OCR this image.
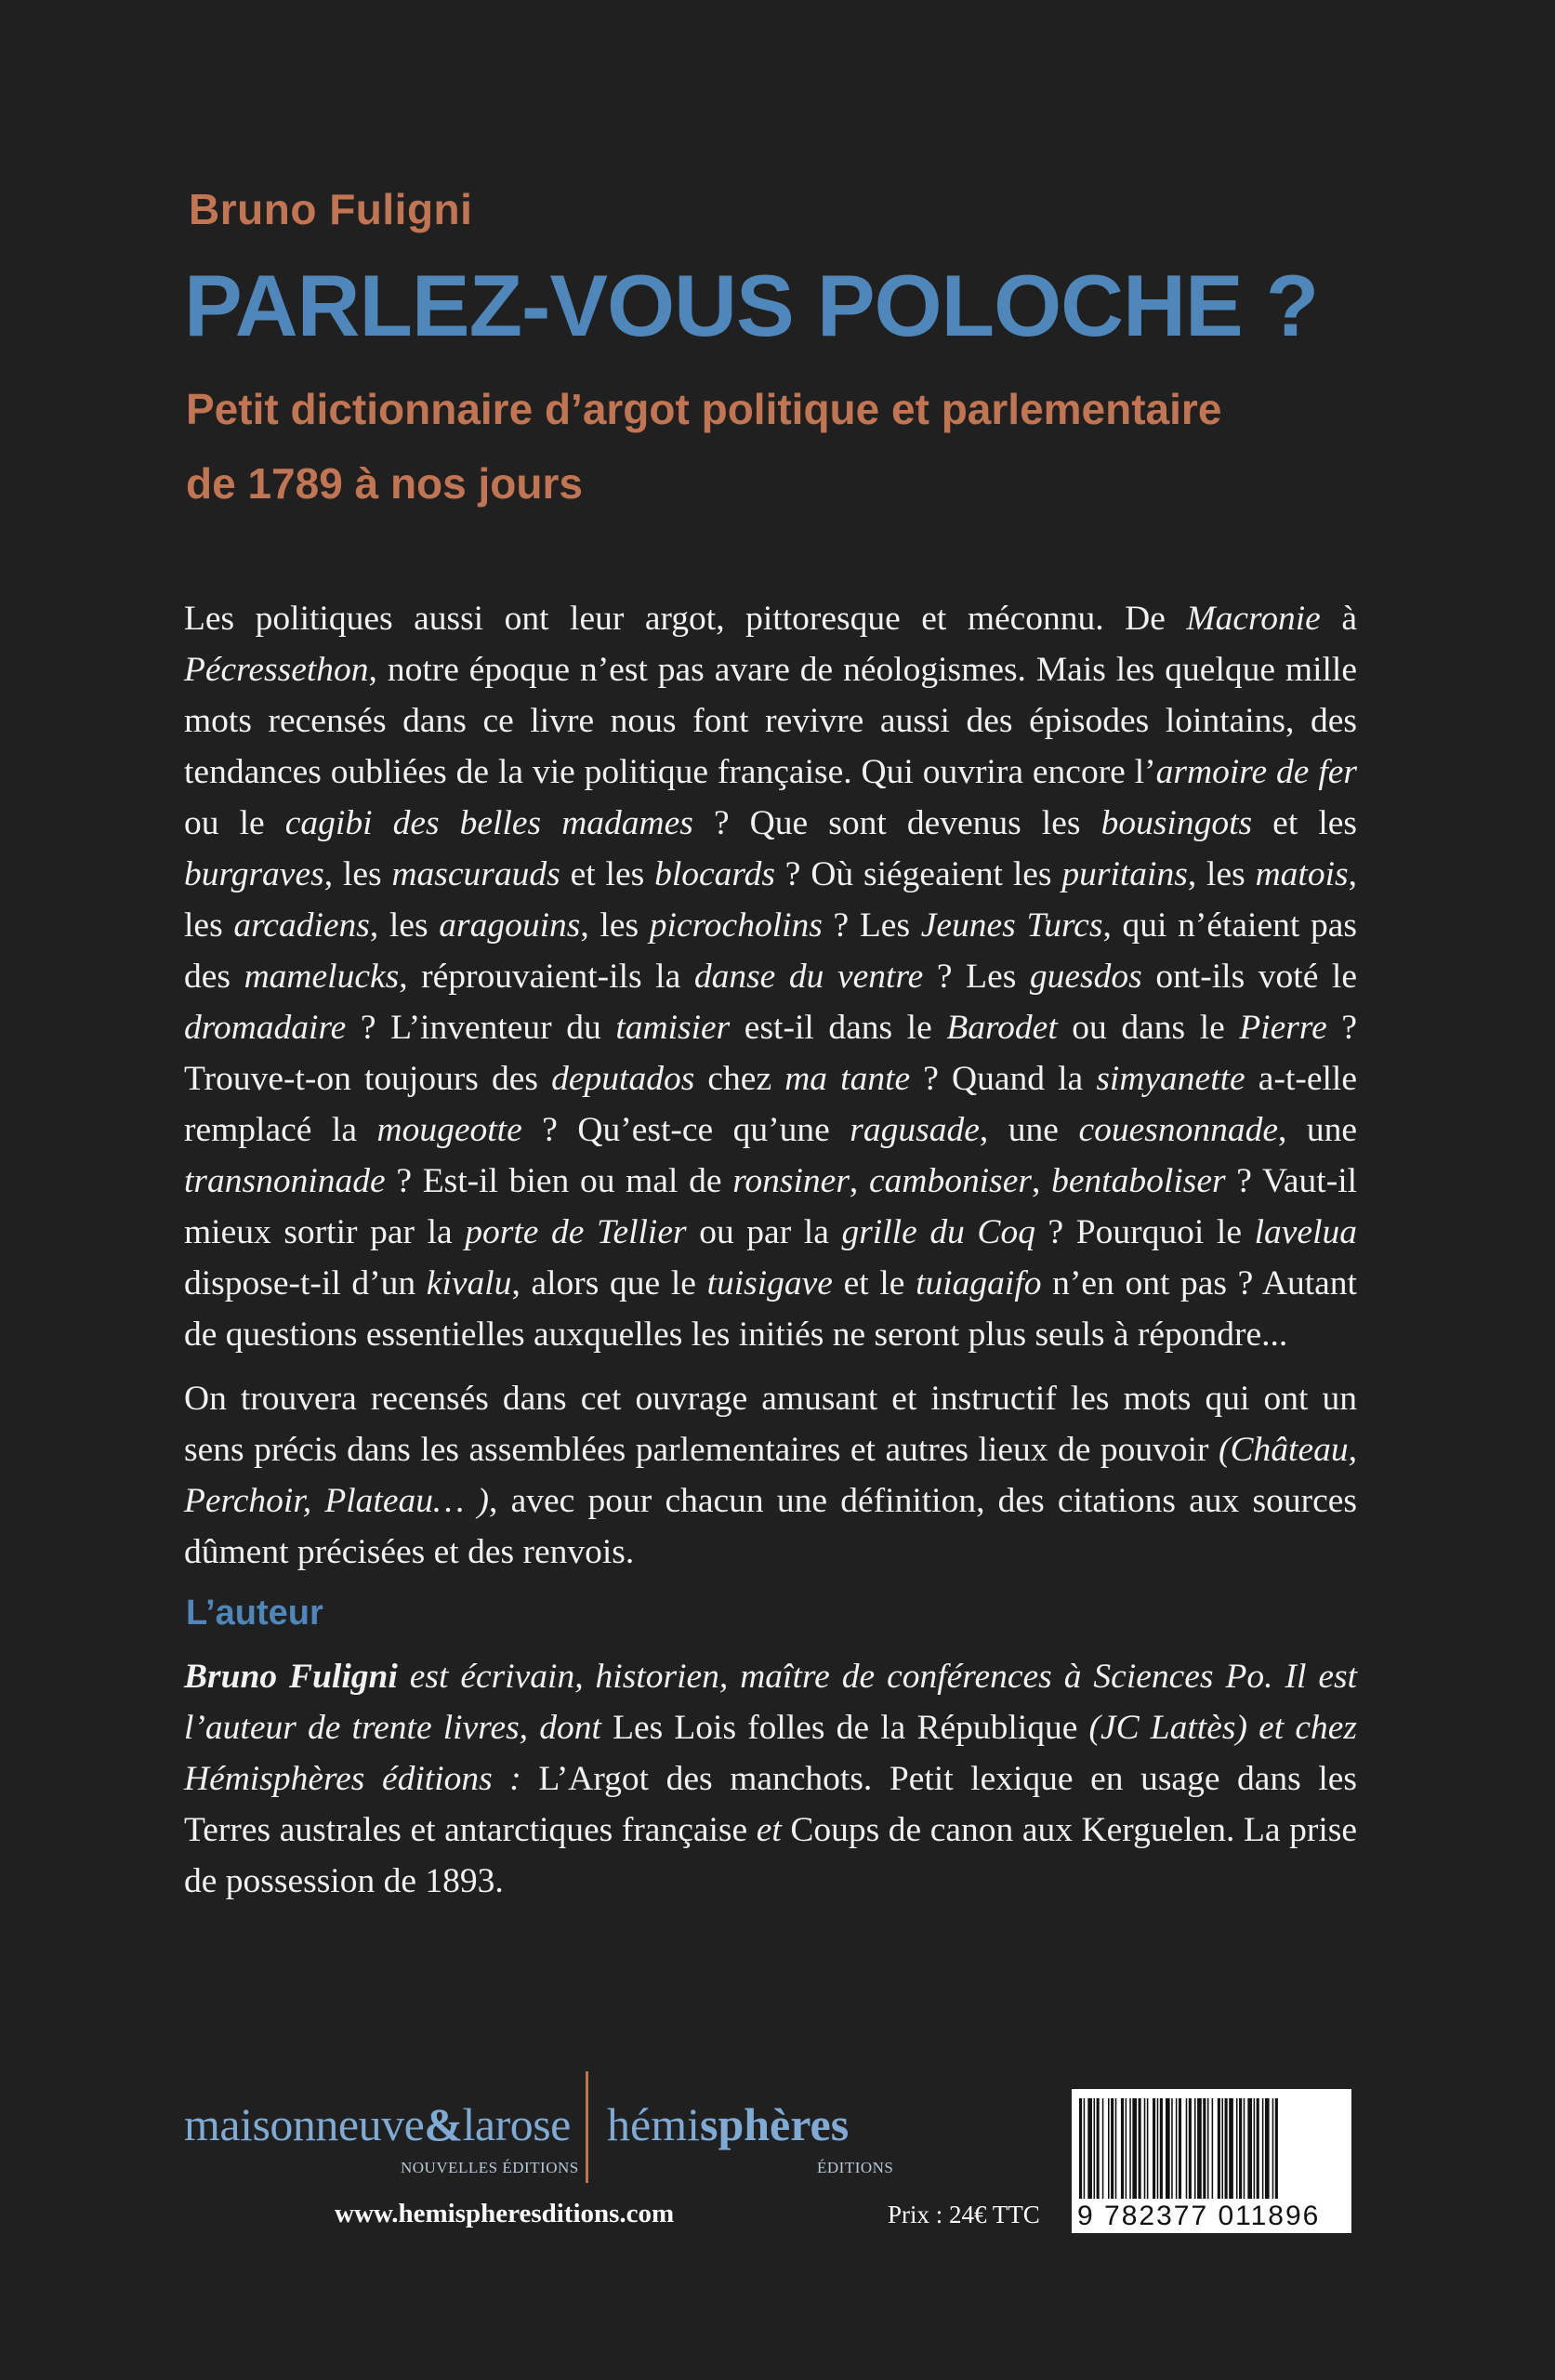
Bruno Fuligni
PARLEZ-VOUS POLOCHE ?
Petit dictionnaire d’argot politique et parlementaire
de 1789 à nos jours

Les politiques aussi ont leur argot, pittoresque et méconnu. De Macronie à Pécressethon, notre époque n’est pas avare de néologismes. Mais les quelque mille mots recensés dans ce livre nous font revivre aussi des épisodes lointains, des tendances oubliées de la vie politique française. Qui ouvrira encore l’armoire de fer ou le cagibi des belles madames ? Que sont devenus les bousingots et les burgraves, les mascurauds et les blocards ? Où siégeaient les puritains, les matois, les arcadiens, les aragouins, les picrocholins ? Les Jeunes Turcs, qui n’étaient pas des mamelucks, réprouvaient-ils la danse du ventre ? Les guesdos ont-ils voté le dromadaire ? L’inventeur du tamisier est-il dans le Barodet ou dans le Pierre ? Trouve-t-on toujours des deputados chez ma tante ? Quand la simyanette a-t-elle remplacé la mougeotte ? Qu’est-ce qu’une ragusade, une couesnonnade, une transnoninade ? Est-il bien ou mal de ronsiner, camboniser, bentaboliser ? Vaut-il mieux sortir par la porte de Tellier ou par la grille du Coq ? Pourquoi le lavelua dispose-t-il d’un kivalu, alors que le tuisigave et le tuiagaifo n’en ont pas ? Autant de questions essentielles auxquelles les initiés ne seront plus seuls à répondre...

On trouvera recensés dans cet ouvrage amusant et instructif les mots qui ont un sens précis dans les assemblées parlementaires et autres lieux de pouvoir (Château, Perchoir, Plateau… ), avec pour chacun une définition, des citations aux sources dûment précisées et des renvois.

L’auteur

Bruno Fuligni est écrivain, historien, maître de conférences à Sciences Po. Il est l’auteur de trente livres, dont Les Lois folles de la République (JC Lattès) et chez Hémisphères éditions : L’Argot des manchots. Petit lexique en usage dans les Terres australes et antarctiques française et Coups de canon aux Kerguelen. La prise de possession de 1893.

maisonneuve&larose
NOUVELLES ÉDITIONS
hémisphères
ÉDITIONS
www.hemispheresditions.com	Prix : 24€ TTC 9 782377 011896
